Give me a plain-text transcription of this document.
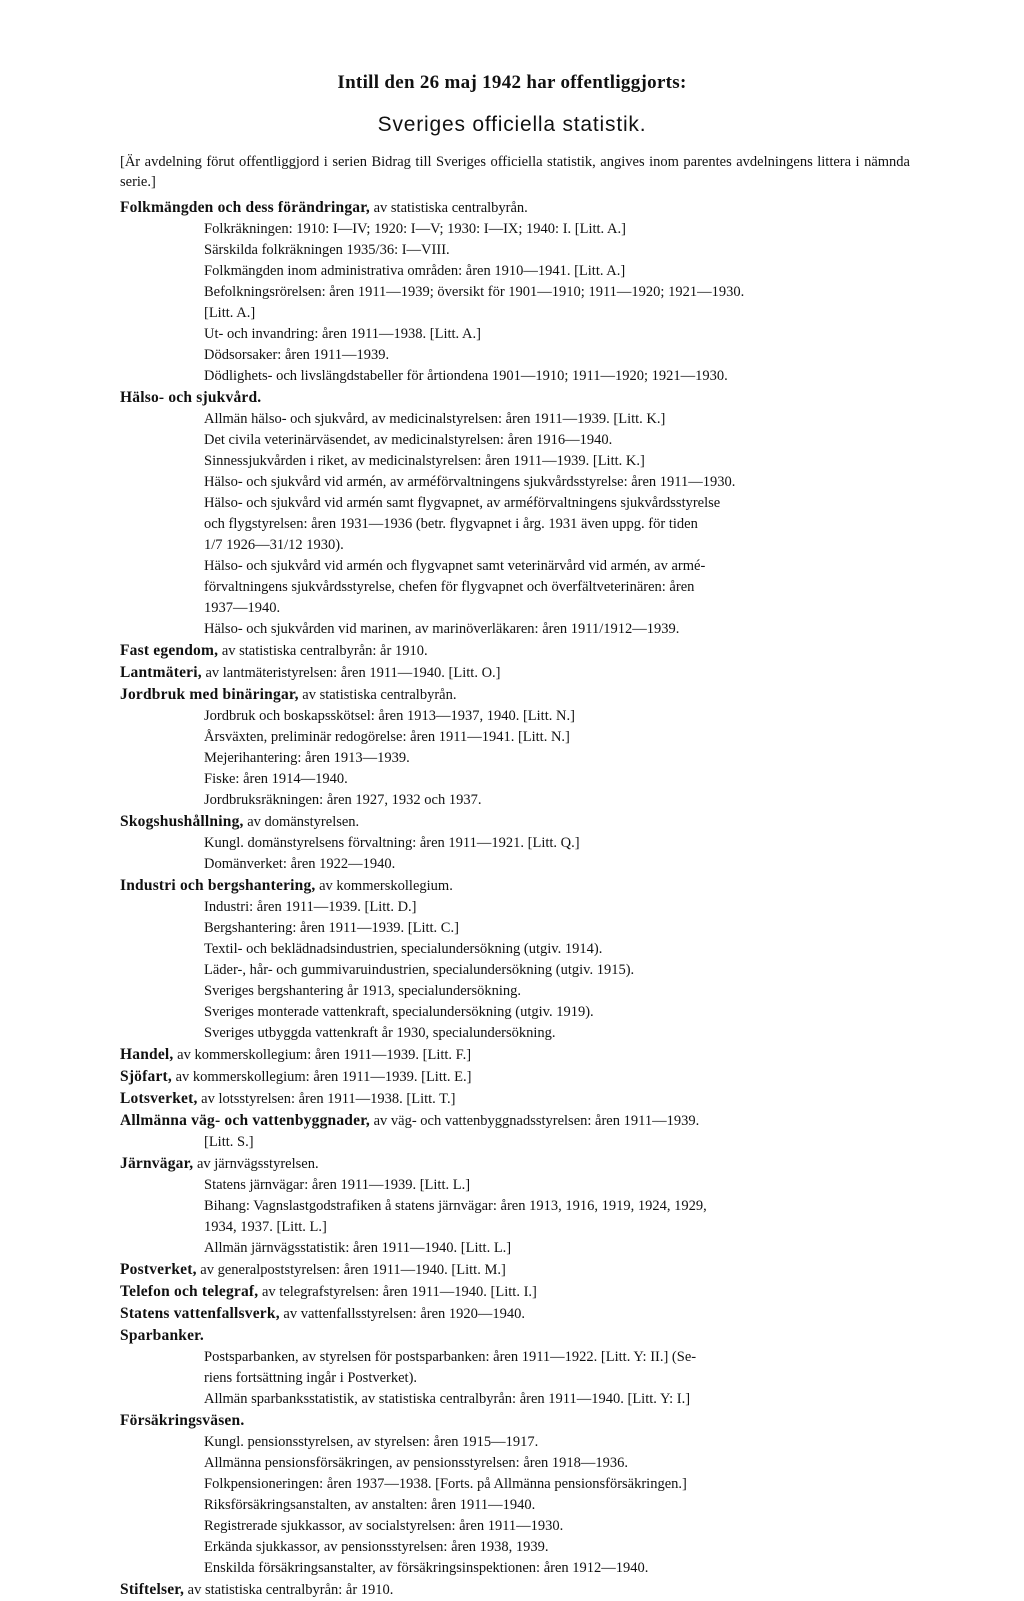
Intill den 26 maj 1942 har offentliggjorts:
Sveriges officiella statistik.
[Är avdelning förut offentliggjord i serien Bidrag till Sveriges officiella statistik, angives inom parentes avdelningens littera i nämnda serie.]
Folkmängden och dess förändringar, av statistiska centralbyrån.
Folkräkningen: 1910: I—IV; 1920: I—V; 1930: I—IX; 1940: I. [Litt. A.]
Särskilda folkräkningen 1935/36: I—VIII.
Folkmängden inom administrativa områden: åren 1910—1941. [Litt. A.]
Befolkningsrörelsen: åren 1911—1939; översikt för 1901—1910; 1911—1920; 1921—1930.
[Litt. A.]
Ut- och invandring: åren 1911—1938. [Litt. A.]
Dödsorsaker: åren 1911—1939.
Dödlighets- och livslängdstabeller för årtiondena 1901—1910; 1911—1920; 1921—1930.
Hälso- och sjukvård.
Allmän hälso- och sjukvård, av medicinalstyrelsen: åren 1911—1939. [Litt. K.]
Det civila veterinärväsendet, av medicinalstyrelsen: åren 1916—1940.
Sinnessjukvården i riket, av medicinalstyrelsen: åren 1911—1939. [Litt. K.]
Hälso- och sjukvård vid armén, av arméförvaltningens sjukvårdsstyrelse: åren 1911—1930.
Hälso- och sjukvård vid armén samt flygvapnet, av arméförvaltningens sjukvårdsstyrelse
och flygstyrelsen: åren 1931—1936 (betr. flygvapnet i årg. 1931 även uppg. för tiden
1/7 1926—31/12 1930).
Hälso- och sjukvård vid armén och flygvapnet samt veterinärvård vid armén, av armé-
förvaltningens sjukvårdsstyrelse, chefen för flygvapnet och överfältveterinären: åren
1937—1940.
Hälso- och sjukvården vid marinen, av marinöverläkaren: åren 1911/1912—1939.
Fast egendom, av statistiska centralbyrån: år 1910.
Lantmäteri, av lantmäteristyrelsen: åren 1911—1940. [Litt. O.]
Jordbruk med binäringar, av statistiska centralbyrån.
Jordbruk och boskapsskötsel: åren 1913—1937, 1940. [Litt. N.]
Årsväxten, preliminär redogörelse: åren 1911—1941. [Litt. N.]
Mejerihantering: åren 1913—1939.
Fiske: åren 1914—1940.
Jordbruksräkningen: åren 1927, 1932 och 1937.
Skogshushållning, av domänstyrelsen.
Kungl. domänstyrelsens förvaltning: åren 1911—1921. [Litt. Q.]
Domänverket: åren 1922—1940.
Industri och bergshantering, av kommerskollegium.
Industri: åren 1911—1939. [Litt. D.]
Bergshantering: åren 1911—1939. [Litt. C.]
Textil- och beklädnadsindustrien, specialundersökning (utgiv. 1914).
Läder-, hår- och gummivaruindustrien, specialundersökning (utgiv. 1915).
Sveriges bergshantering år 1913, specialundersökning.
Sveriges monterade vattenkraft, specialundersökning (utgiv. 1919).
Sveriges utbyggda vattenkraft år 1930, specialundersökning.
Handel, av kommerskollegium: åren 1911—1939. [Litt. F.]
Sjöfart, av kommerskollegium: åren 1911—1939. [Litt. E.]
Lotsverket, av lotsstyrelsen: åren 1911—1938. [Litt. T.]
Allmänna väg- och vattenbyggnader, av väg- och vattenbyggnadsstyrelsen: åren 1911—1939.
[Litt. S.]
Järnvägar, av järnvägsstyrelsen.
Statens järnvägar: åren 1911—1939. [Litt. L.]
Bihang: Vagnslastgodstrafiken å statens järnvägar: åren 1913, 1916, 1919, 1924, 1929,
1934, 1937. [Litt. L.]
Allmän järnvägsstatistik: åren 1911—1940. [Litt. L.]
Postverket, av generalpoststyrelsen: åren 1911—1940. [Litt. M.]
Telefon och telegraf, av telegrafstyrelsen: åren 1911—1940. [Litt. I.]
Statens vattenfallsverk, av vattenfallsstyrelsen: åren 1920—1940.
Sparbanker.
Postsparbanken, av styrelsen för postsparbanken: åren 1911—1922. [Litt. Y: II.] (Se-
riens fortsättning ingår i Postverket).
Allmän sparbanksstatistik, av statistiska centralbyrån: åren 1911—1940. [Litt. Y: I.]
Försäkringsväsen.
Kungl. pensionsstyrelsen, av styrelsen: åren 1915—1917.
Allmänna pensionsförsäkringen, av pensionsstyrelsen: åren 1918—1936.
Folkpensioneringen: åren 1937—1938. [Forts. på Allmänna pensionsförsäkringen.]
Riksförsäkringsanstalten, av anstalten: åren 1911—1940.
Registrerade sjukkassor, av socialstyrelsen: åren 1911—1930.
Erkända sjukkassor, av pensionsstyrelsen: åren 1938, 1939.
Enskilda försäkringsanstalter, av försäkringsinspektionen: åren 1912—1940.
Stiftelser, av statistiska centralbyrån: år 1910.
